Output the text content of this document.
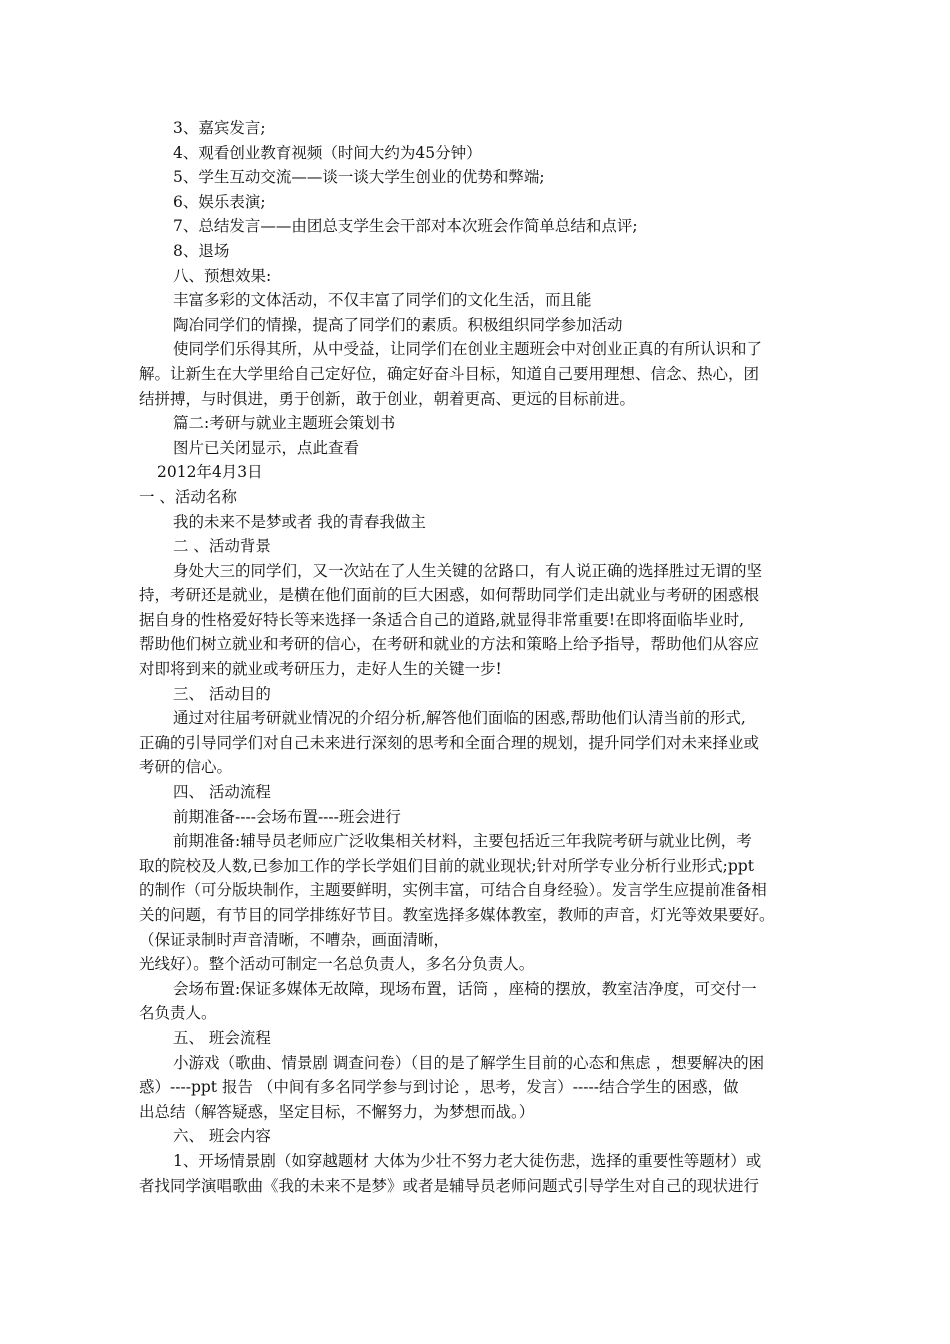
3、嘉宾发言;
4、观看创业教育视频（时间大约为45分钟）
5、学生互动交流——谈一谈大学生创业的优势和弊端;
6、娱乐表演;
7、总结发言——由团总支学生会干部对本次班会作简单总结和点评;
8、退场
八、预想效果:
丰富多彩的文体活动，不仅丰富了同学们的文化生活，而且能
陶冶同学们的情操，提高了同学们的素质。积极组织同学参加活动
使同学们乐得其所，从中受益，让同学们在创业主题班会中对创业正真的有所认识和了
解。让新生在大学里给自己定好位，确定好奋斗目标，知道自己要用理想、信念、热心，团
结拼搏，与时俱进，勇于创新，敢于创业，朝着更高、更远的目标前进。
篇二:考研与就业主题班会策划书
图片已关闭显示，点此查看
2012年4月3日
一 、活动名称
我的未来不是梦或者 我的青春我做主
二 、活动背景
身处大三的同学们，又一次站在了人生关键的岔路口，有人说正确的选择胜过无谓的坚
持，考研还是就业，是横在他们面前的巨大困惑，如何帮助同学们走出就业与考研的困惑根
据自身的性格爱好特长等来选择一条适合自己的道路,就显得非常重要!在即将面临毕业时,
帮助他们树立就业和考研的信心，在考研和就业的方法和策略上给予指导，帮助他们从容应
对即将到来的就业或考研压力，走好人生的关键一步!
三、 活动目的
通过对往届考研就业情况的介绍分析,解答他们面临的困惑,帮助他们认清当前的形式,
正确的引导同学们对自己未来进行深刻的思考和全面合理的规划，提升同学们对未来择业或
考研的信心。
四、 活动流程
前期准备----会场布置----班会进行
前期准备:辅导员老师应广泛收集相关材料，主要包括近三年我院考研与就业比例，考
取的院校及人数,已参加工作的学长学姐们目前的就业现状;针对所学专业分析行业形式;ppt
的制作（可分版块制作，主题要鲜明，实例丰富，可结合自身经验）。发言学生应提前准备相
关的问题，有节目的同学排练好节目。教室选择多媒体教室，教师的声音，灯光等效果要好。
（保证录制时声音清晰，不嘈杂，画面清晰，
光线好）。整个活动可制定一名总负责人，多名分负责人。
会场布置:保证多媒体无故障，现场布置，话筒 ，座椅的摆放，教室洁净度，可交付一
名负责人。
五、 班会流程
小游戏（歌曲、情景剧 调查问卷）（目的是了解学生目前的心态和焦虑 ，想要解决的困
惑）----ppt 报告 （中间有多名同学参与到讨论 ，思考，发言）-----结合学生的困惑，做
出总结（解答疑惑，坚定目标，不懈努力，为梦想而战。）
六、 班会内容
1、开场情景剧（如穿越题材 大体为少壮不努力老大徒伤悲，选择的重要性等题材）或
者找同学演唱歌曲《我的未来不是梦》或者是辅导员老师问题式引导学生对自己的现状进行
